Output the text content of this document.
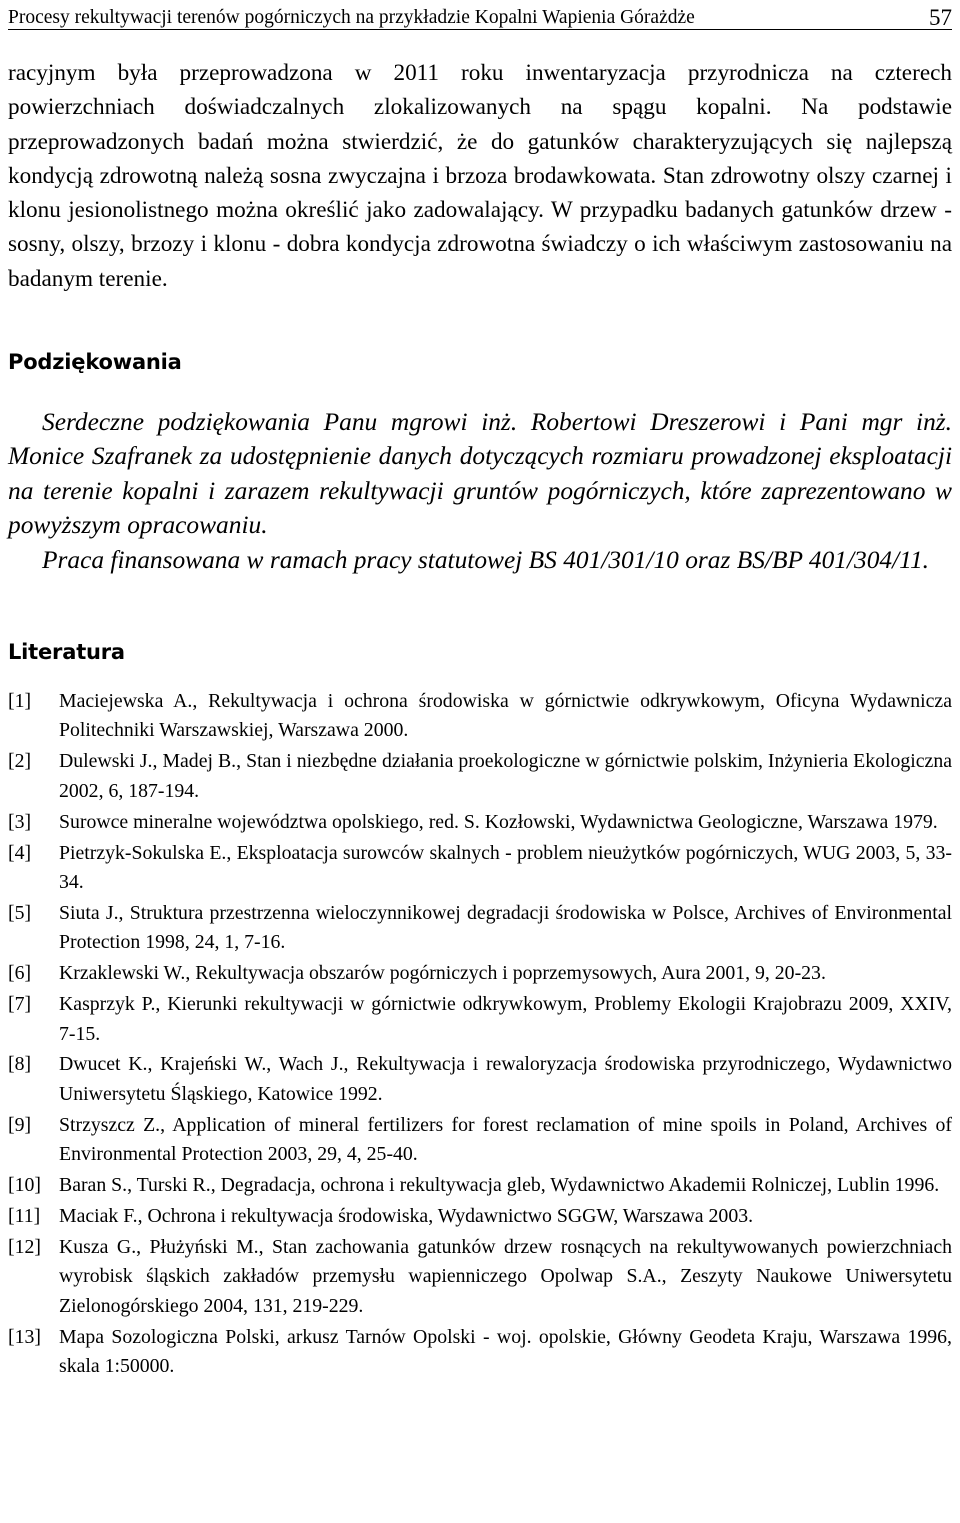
Procesy rekultywacji terenów pogórniczych na przykładzie Kopalni Wapienia Górażdże	57

racyjnym była przeprowadzona w 2011 roku inwentaryzacja przyrodnicza na czterech powierzchniach doświadczalnych zlokalizowanych na spągu kopalni. Na podstawie przeprowadzonych badań można stwierdzić, że do gatunków charakteryzujących się najlepszą kondycją zdrowotną należą sosna zwyczajna i brzoza brodawkowata. Stan zdrowotny olszy czarnej i klonu jesionolistnego można określić jako zadowalający. W przypadku badanych gatunków drzew - sosny, olszy, brzozy i klonu - dobra kondycja zdrowotna świadczy o ich właściwym zastosowaniu na badanym terenie.

Podziękowania

Serdeczne podziękowania Panu mgrowi inż. Robertowi Dreszerowi i Pani mgr inż. Monice Szafranek za udostępnienie danych dotyczących rozmiaru prowadzonej eksploatacji na terenie kopalni i zarazem rekultywacji gruntów pogórniczych, które zaprezentowano w powyższym opracowaniu.

Praca finansowana w ramach pracy statutowej BS 401/301/10 oraz BS/BP 401/304/11.

Literatura
[1]	Maciejewska A., Rekultywacja i ochrona środowiska w górnictwie odkrywkowym, Oficyna Wydawnicza Politechniki Warszawskiej, Warszawa 2000.
[2]	Dulewski J., Madej B., Stan i niezbędne działania proekologiczne w górnictwie polskim, Inżynieria Ekologiczna 2002, 6, 187-194.
[3]	Surowce mineralne województwa opolskiego, red. S. Kozłowski, Wydawnictwa Geologiczne, Warszawa 1979.
[4]	Pietrzyk-Sokulska E., Eksploatacja surowców skalnych - problem nieużytków pogórniczych, WUG 2003, 5, 33-34.
[5]	Siuta J., Struktura przestrzenna wieloczynnikowej degradacji środowiska w Polsce, Archives of Environmental Protection 1998, 24, 1, 7-16.
[6]	Krzaklewski W., Rekultywacja obszarów pogórniczych i poprzemysowych, Aura 2001, 9, 20-23.
[7]	Kasprzyk P., Kierunki rekultywacji w górnictwie odkrywkowym, Problemy Ekologii Krajobrazu 2009, XXIV, 7-15.
[8]	Dwucet K., Krajeński W., Wach J., Rekultywacja i rewaloryzacja środowiska przyrodniczego, Wydawnictwo Uniwersytetu Śląskiego, Katowice 1992.
[9]	Strzyszcz Z., Application of mineral fertilizers for forest reclamation of mine spoils in Poland, Archives of Environmental Protection 2003, 29, 4, 25-40.
[10] Baran S., Turski R., Degradacja, ochrona i rekultywacja gleb, Wydawnictwo Akademii Rolniczej, Lublin 1996.
[11] Maciak F., Ochrona i rekultywacja środowiska, Wydawnictwo SGGW, Warszawa 2003.
[12] Kusza G., Płużyński M., Stan zachowania gatunków drzew rosnących na rekultywowanych powierzchniach wyrobisk śląskich zakładów przemysłu wapienniczego Opolwap S.A., Zeszyty Naukowe Uniwersytetu Zielonogórskiego 2004, 131, 219-229.
[13] Mapa Sozologiczna Polski, arkusz Tarnów Opolski - woj. opolskie, Główny Geodeta Kraju, Warszawa 1996, skala 1:50000.
